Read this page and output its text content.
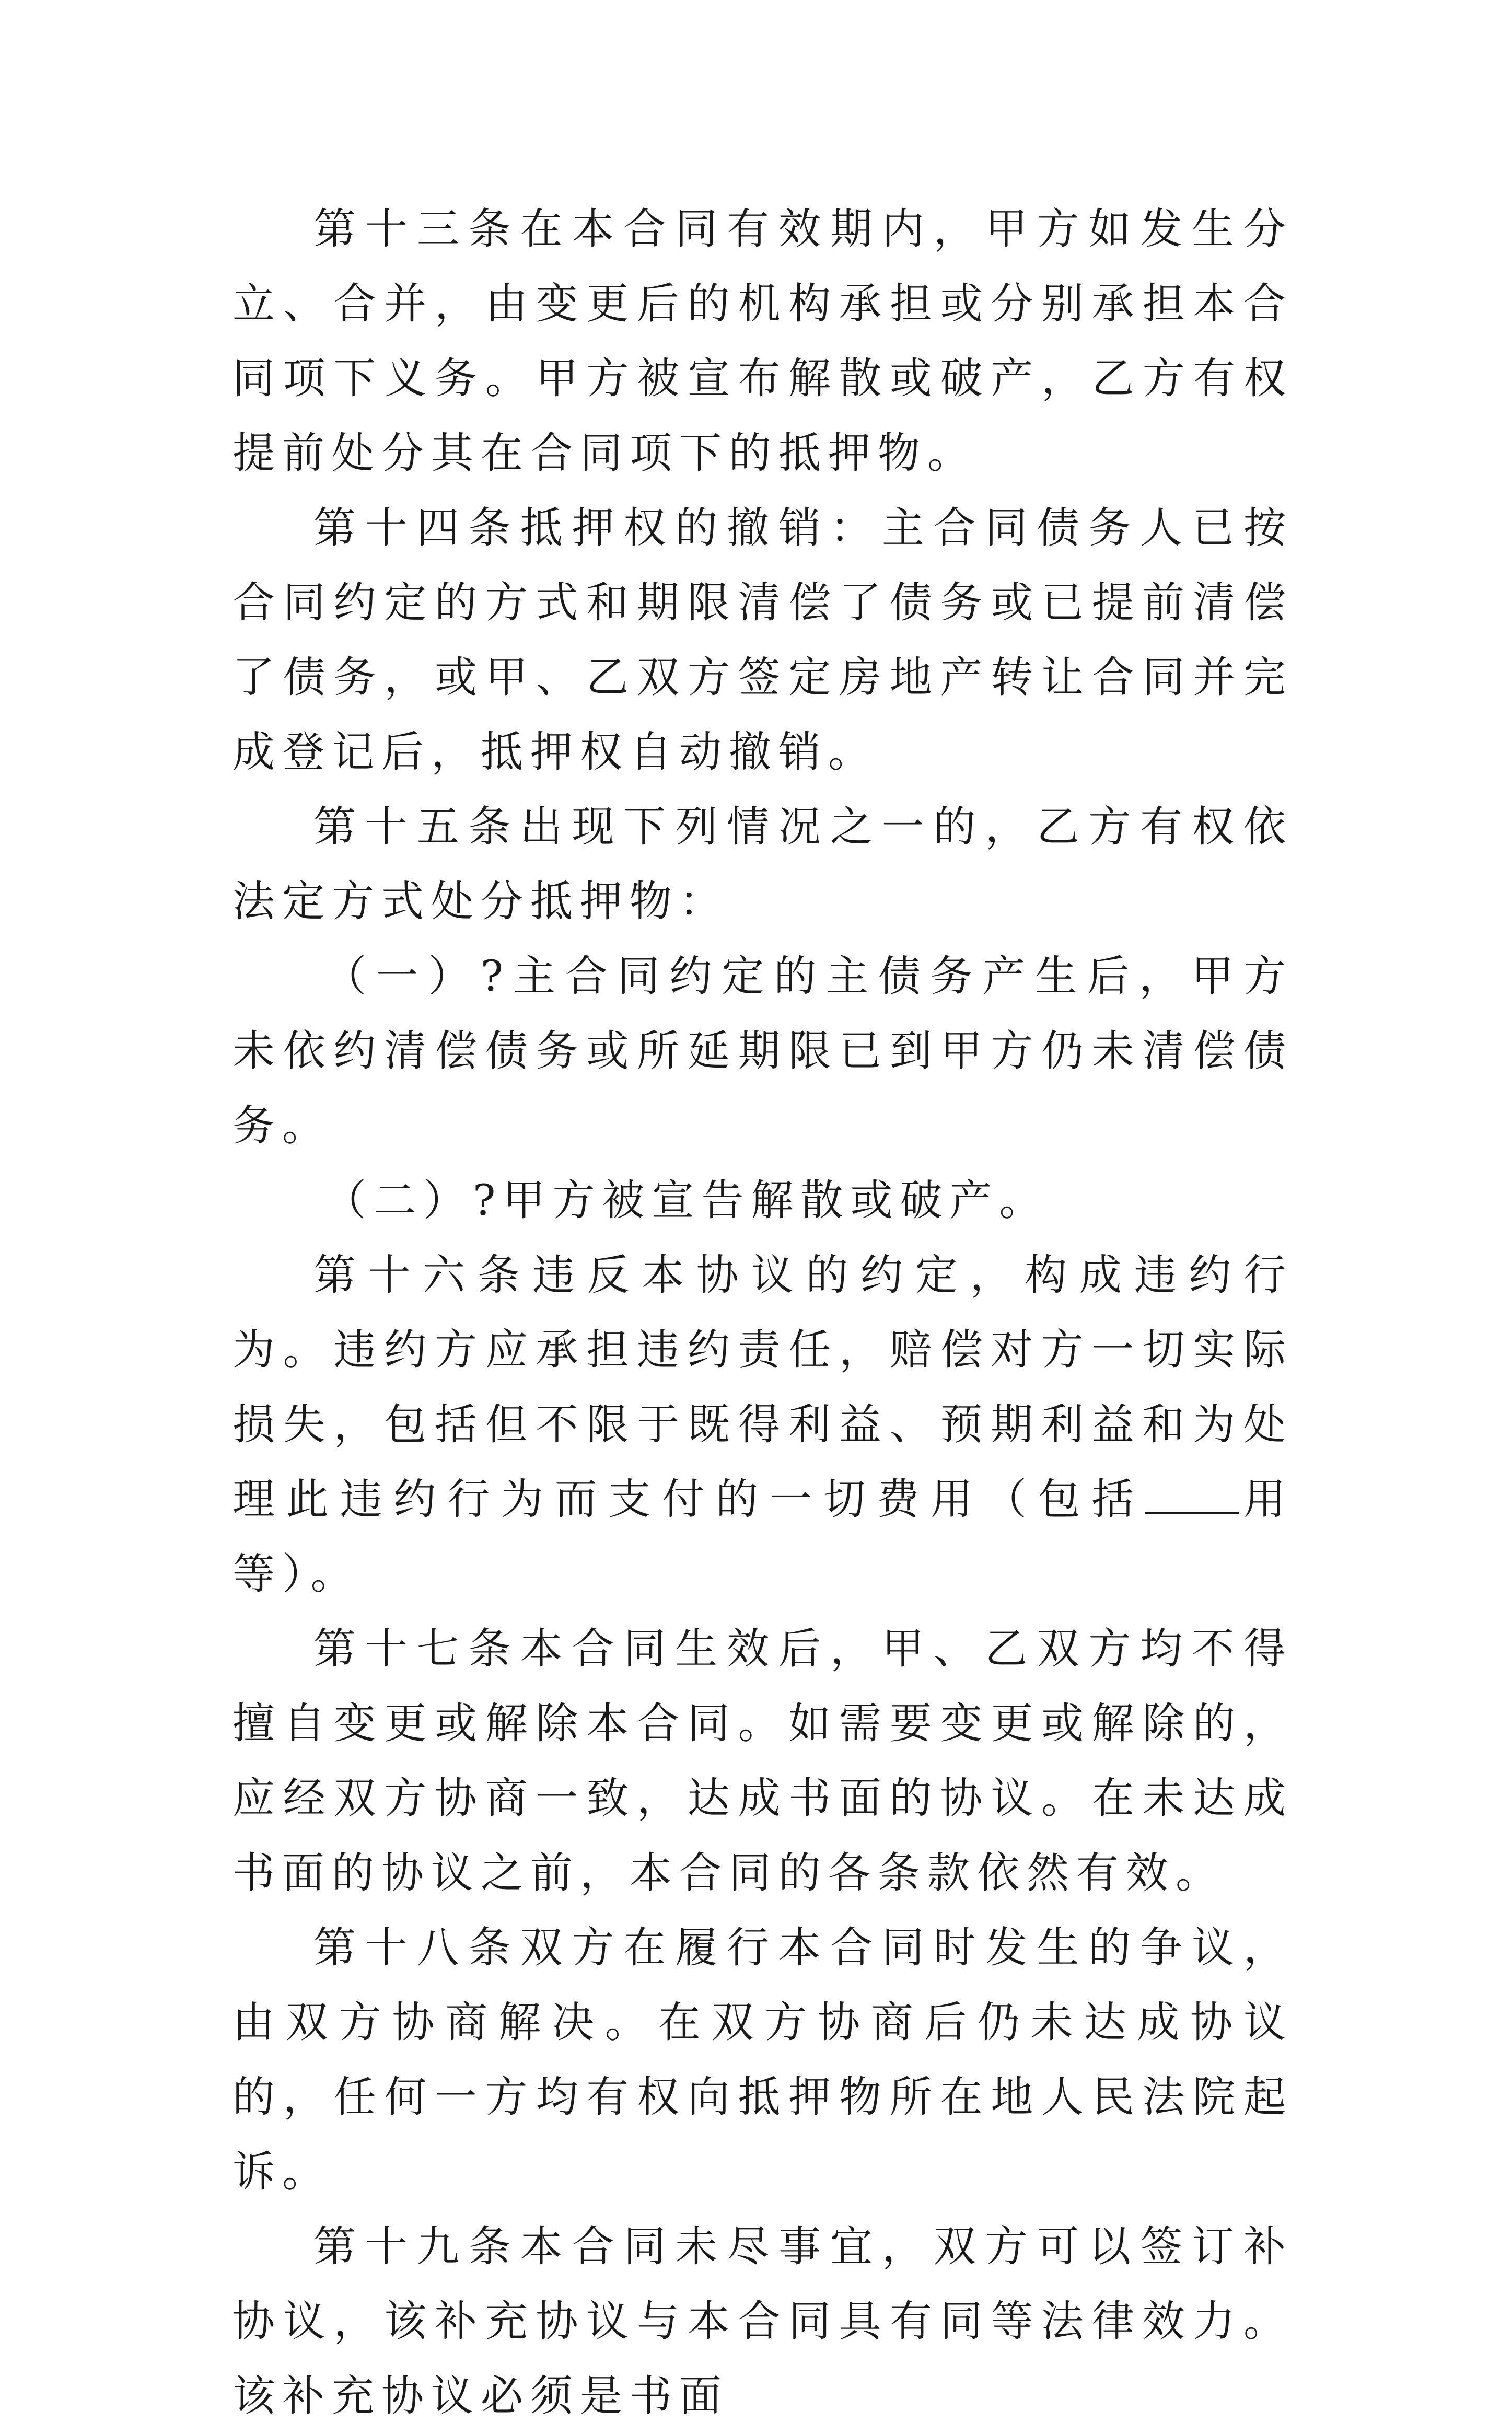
第十三条在本合同有效期内，甲方如发生分立、合并，由变更后的机构承担或分别承担本合同项下义务。甲方被宣布解散或破产，乙方有权提前处分其在合同项下的抵押物。

第十四条抵押权的撤销：主合同债务人已按合同约定的方式和期限清偿了债务或已提前清偿了债务，或甲、乙双方签定房地产转让合同并完成登记后，抵押权自动撤销。

第十五条出现下列情况之一的，乙方有权依法定方式处分抵押物：

（一）?主合同约定的主债务产生后，甲方未依约清偿债务或所延期限已到甲方仍未清偿债务。

（二）?甲方被宣告解散或破产。

第十六条违反本协议的约定，构成违约行为。违约方应承担违约责任，赔偿对方一切实际损失，包括但不限于既得利益、预期利益和为处理此违约行为而支付的一切费用（包括 用等）。

第十七条本合同生效后，甲、乙双方均不得擅自变更或解除本合同。如需要变更或解除的，应经双方协商一致，达成书面的协议。在未达成书面的协议之前，本合同的各条款依然有效。

第十八条双方在履行本合同时发生的争议，由双方协商解决。在双方协商后仍未达成协议的，任何一方均有权向抵押物所在地人民法院起诉。

第十九条本合同未尽事宜，双方可以签订补协议，该补充协议与本合同具有同等法律效力。该补充协议必须是书面
